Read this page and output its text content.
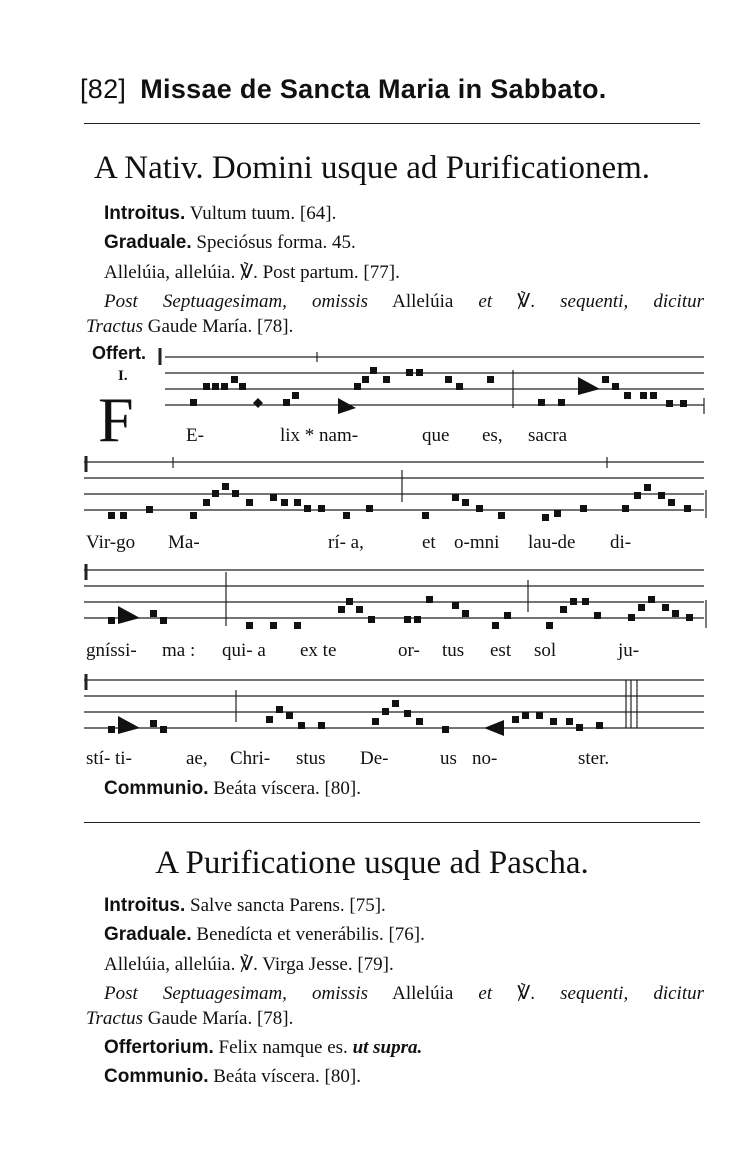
[82] Missae de Sancta Maria in Sabbato.
A Nativ. Domini usque ad Purificationem.
Introitus. Vultum tuum. [64].
Graduale. Speciósus forma. 45.
Allelúia, allelúia. ℣. Post partum. [77].
Post Septuagesimam, omissis Allelúia et ℣. sequenti, dicitur
Tractus Gaude María. [78].
Offert.
I.
F	E-	lix * nam-	que es, sacra
Vir-go Ma-	rí- a,	et o-mni lau-de di-
gníssi- ma : qui- a ex te	or- tus est sol	ju-
stí- ti-	ae, Chri- stus De-	us no-	ster.
Communio. Beáta víscera. [80].
A Purificatione usque ad Pascha.
Introitus. Salve sancta Parens. [75].
Graduale. Benedícta et venerábilis. [76].
Allelúia, allelúia. ℣. Virga Jesse. [79].
Post Septuagesimam, omissis Allelúia et ℣. sequenti, dicitur
Tractus Gaude María. [78].
Offertorium. Felix namque es. ut supra.
Communio. Beáta víscera. [80].
